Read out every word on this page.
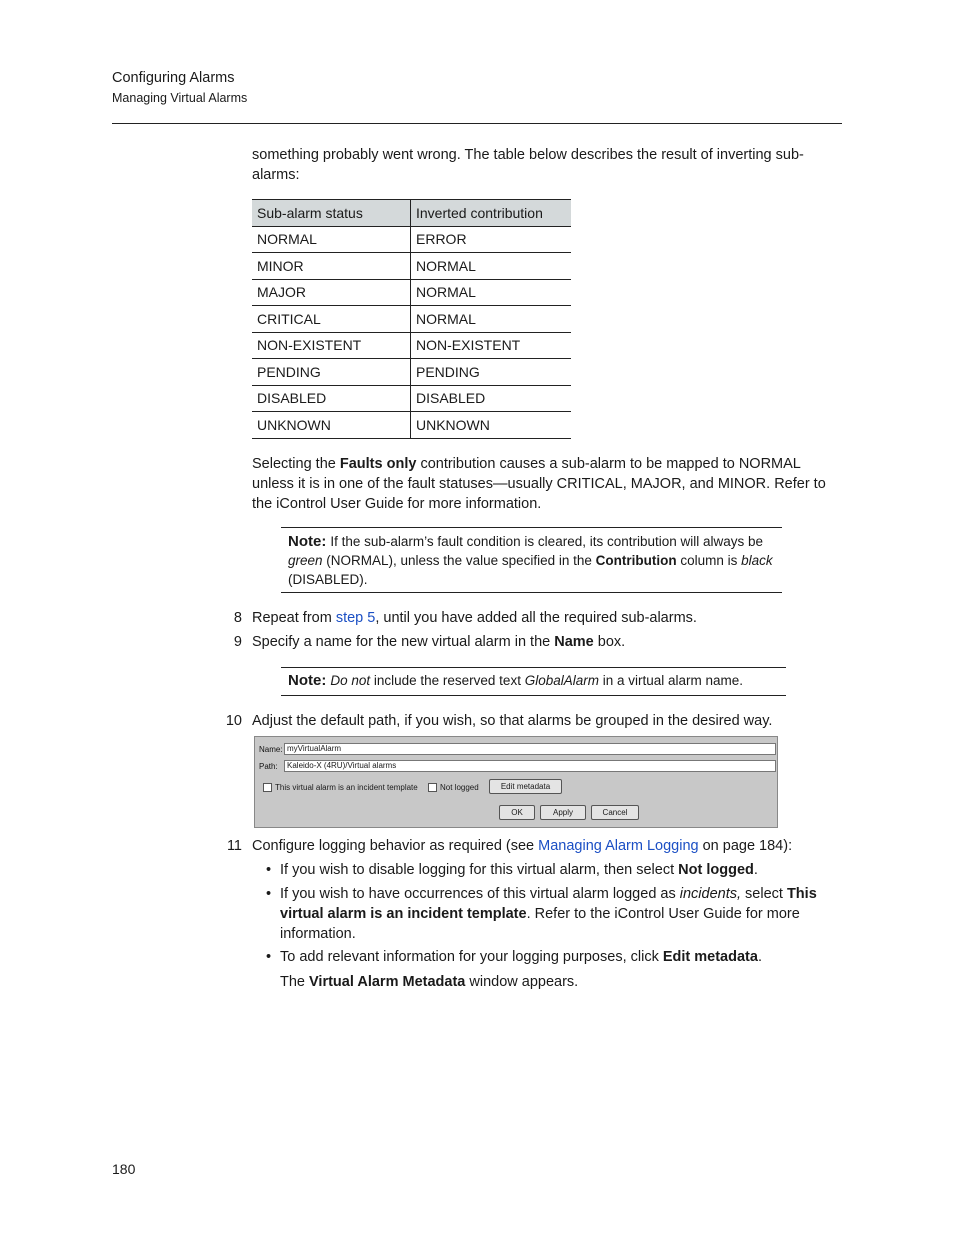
Configuring Alarms
Managing Virtual Alarms
something probably went wrong. The table below describes the result of inverting sub-alarms:
Sub-alarm status	Inverted contribution
NORMAL	ERROR
MINOR	NORMAL
MAJOR	NORMAL
CRITICAL	NORMAL
NON-EXISTENT	NON-EXISTENT
PENDING	PENDING
DISABLED	DISABLED
UNKNOWN	UNKNOWN
Selecting the Faults only contribution causes a sub-alarm to be mapped to NORMAL unless it is in one of the fault statuses—usually CRITICAL, MAJOR, and MINOR. Refer to the iControl User Guide for more information.
Note: If the sub-alarm’s fault condition is cleared, its contribution will always be green (NORMAL), unless the value specified in the Contribution column is black (DISABLED).
8 Repeat from step 5, until you have added all the required sub-alarms.
9 Specify a name for the new virtual alarm in the Name box.
Note: Do not include the reserved text GlobalAlarm in a virtual alarm name.
10 Adjust the default path, if you wish, so that alarms be grouped in the desired way.
Name: myVirtualAlarm
Path:	Kaleido-X (4RU)/Virtual alarms
This virtual alarm is an incident template	Not logged	Edit metadata
OK	Apply	Cancel
11 Configure logging behavior as required (see Managing Alarm Logging on page 184):
• If you wish to disable logging for this virtual alarm, then select Not logged.
• If you wish to have occurrences of this virtual alarm logged as incidents, select This virtual alarm is an incident template. Refer to the iControl User Guide for more information.
• To add relevant information for your logging purposes, click Edit metadata.
The Virtual Alarm Metadata window appears.
180
